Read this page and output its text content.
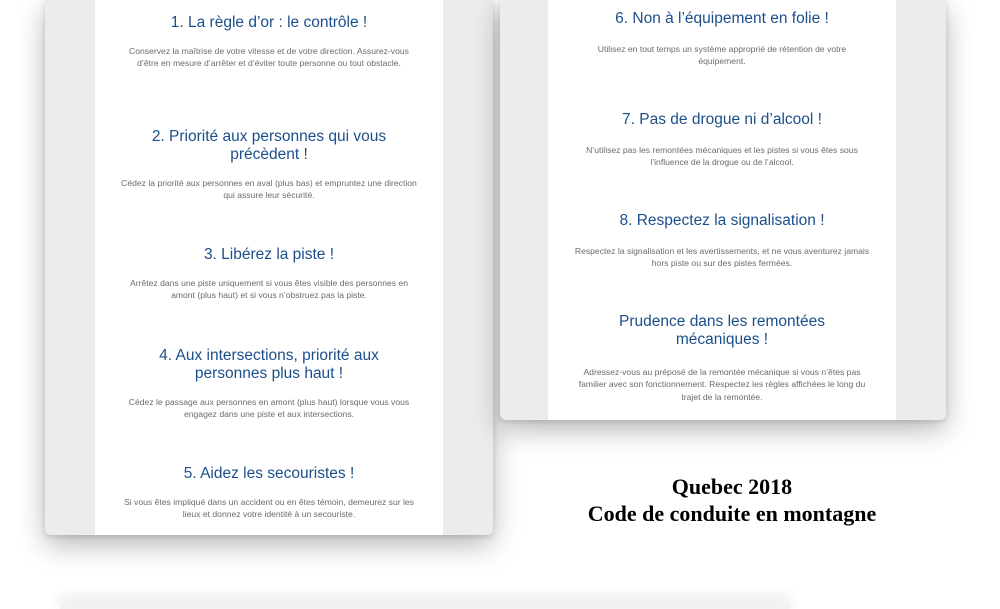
1. La règle d’or : le contrôle !
Conservez la maîtrise de votre vitesse et de votre direction. Assurez-vous d’être en mesure d’arrêter et d’éviter toute personne ou tout obstacle.
2. Priorité aux personnes qui vous précèdent !
Cédez la priorité aux personnes en aval (plus bas) et empruntez une direction qui assure leur sécurité.
3. Libérez la piste !
Arrêtez dans une piste uniquement si vous êtes visible des personnes en amont (plus haut) et si vous n’obstruez pas la piste.
4. Aux intersections, priorité aux personnes plus haut !
Cédez le passage aux personnes en amont (plus haut) lorsque vous vous engagez dans une piste et aux intersections.
5. Aidez les secouristes !
Si vous êtes impliqué dans un accident ou en êtes témoin, demeurez sur les lieux et donnez votre identité à un secouriste.
6. Non à l’équipement en folie !
Utilisez en tout temps un système approprié de rétention de votre équipement.
7. Pas de drogue ni d’alcool !
N’utilisez pas les remontées mécaniques et les pistes si vous êtes sous l’influence de la drogue ou de l’alcool.
8. Respectez la signalisation !
Respectez la signalisation et les avertissements, et ne vous aventurez jamais hors piste ou sur des pistes fermées.
Prudence dans les remontées mécaniques !
Adressez-vous au préposé de la remontée mécanique si vous n’êtes pas familier avec son fonctionnement. Respectez les règles affichées le long du trajet de la remontée.
Quebec 2018
Code de conduite en montagne
